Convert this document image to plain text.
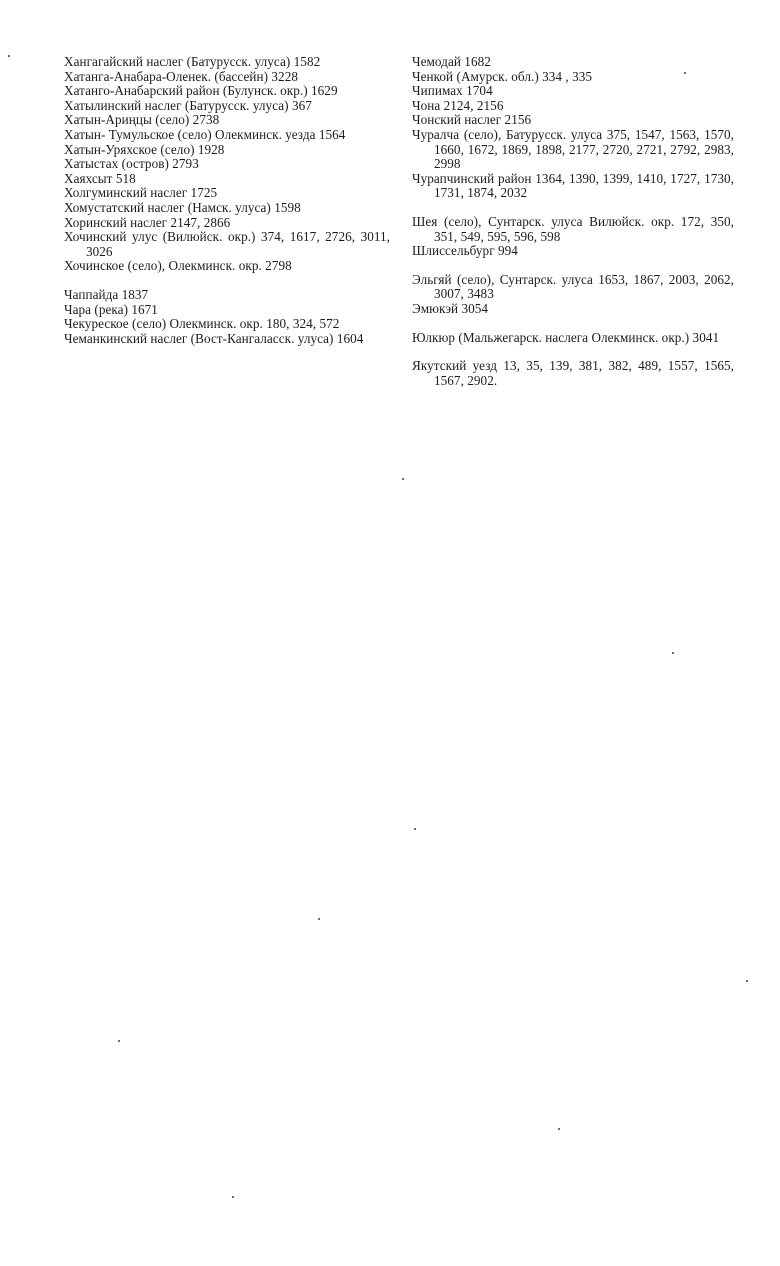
Хангагайский наслег (Батурусск. улуса) 1582

Хатанга-Анабара-Оленек. (бассейн) 3228

Хатанго-Анабарский район (Булунск. окр.) 1629

Хатылинский наслег (Батурусск. улуса) 367

Хатын-Ариңцы (село) 2738

Хатын- Тумульское (село) Олекминск. уезда 1564

Хатын-Уряхское (село) 1928

Хатыстах (остров) 2793

Хаяхсыт 518

Холгуминский наслег 1725

Хомустатский наслег (Намск. улуса) 1598

Хоринский наслег 2147, 2866

Хочинский улус (Вилюйск. окр.) 374, 1617, 2726, 3011, 3026

Хочинское (село), Олекминск. окр. 2798

Чаппайда 1837

Чара (река) 1671

Чекуреское (село) Олекминск. окр. 180, 324, 572

Чеманкинский наслег (Вост-Кангаласск. улуса) 1604

Чемодай 1682

Ченкой (Амурск. обл.) 334 , 335

Чипимах 1704

Чона 2124, 2156

Чонский наслег 2156

Чуралча (село), Батурусск. улуса 375, 1547, 1563, 1570, 1660, 1672, 1869, 1898, 2177, 2720, 2721, 2792, 2983, 2998

Чурапчинский район 1364, 1390, 1399, 1410, 1727, 1730, 1731, 1874, 2032

Шея (село), Сунтарск. улуса Вилюйск. окр. 172, 350, 351, 549, 595, 596, 598

Шлиссельбург 994

Эльгяй (село), Сунтарск. улуса 1653, 1867, 2003, 2062, 3007, 3483

Эмюкэй 3054

Юлкюр (Мальжегарск. наслега Олекминск. окр.) 3041

Якутский уезд 13, 35, 139, 381, 382, 489, 1557, 1565, 1567, 2902.
